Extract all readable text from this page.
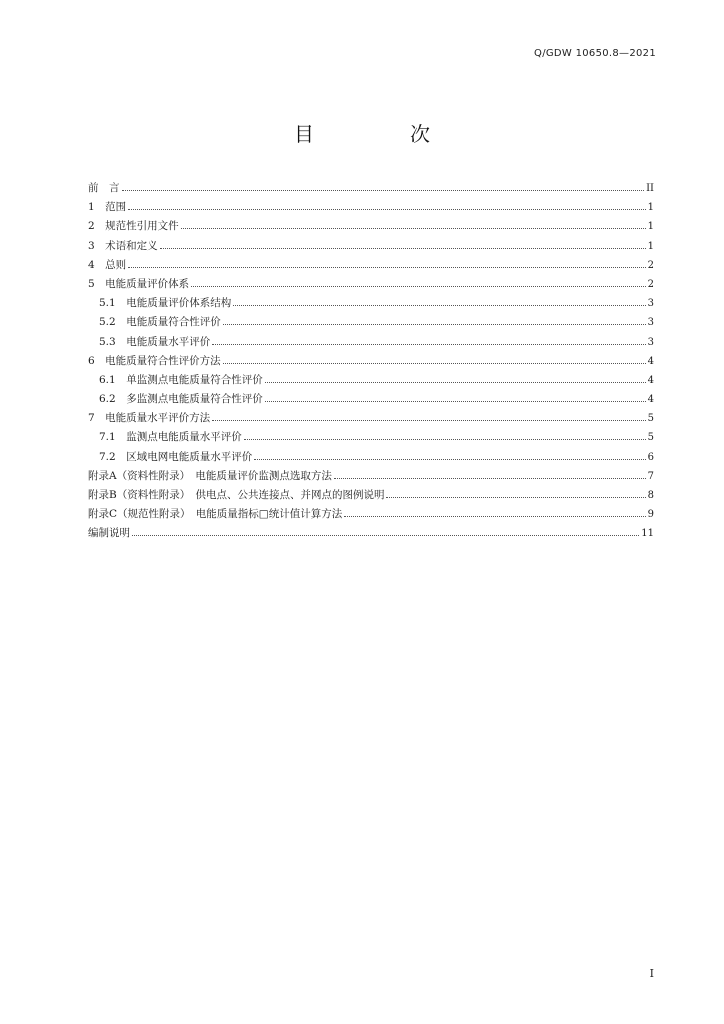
Q/GDW 10650.8—2021
目　次
前　言	II
1　范围	1
2　规范性引用文件	1
3　术语和定义	1
4　总则	2
5　电能质量评价体系	2
5.1　电能质量评价体系结构	3
5.2　电能质量符合性评价	3
5.3　电能质量水平评价	3
6　电能质量符合性评价方法	4
6.1　单监测点电能质量符合性评价	4
6.2　多监测点电能质量符合性评价	4
7　电能质量水平评价方法	5
7.1　监测点电能质量水平评价	5
7.2　区域电网电能质量水平评价	6
附录A（资料性附录）　电能质量评价监测点选取方法	7
附录B（资料性附录）　供电点、公共连接点、并网点的图例说明	8
附录C（规范性附录）　电能质量指标□统计值计算方法	9
编制说明	11
I
